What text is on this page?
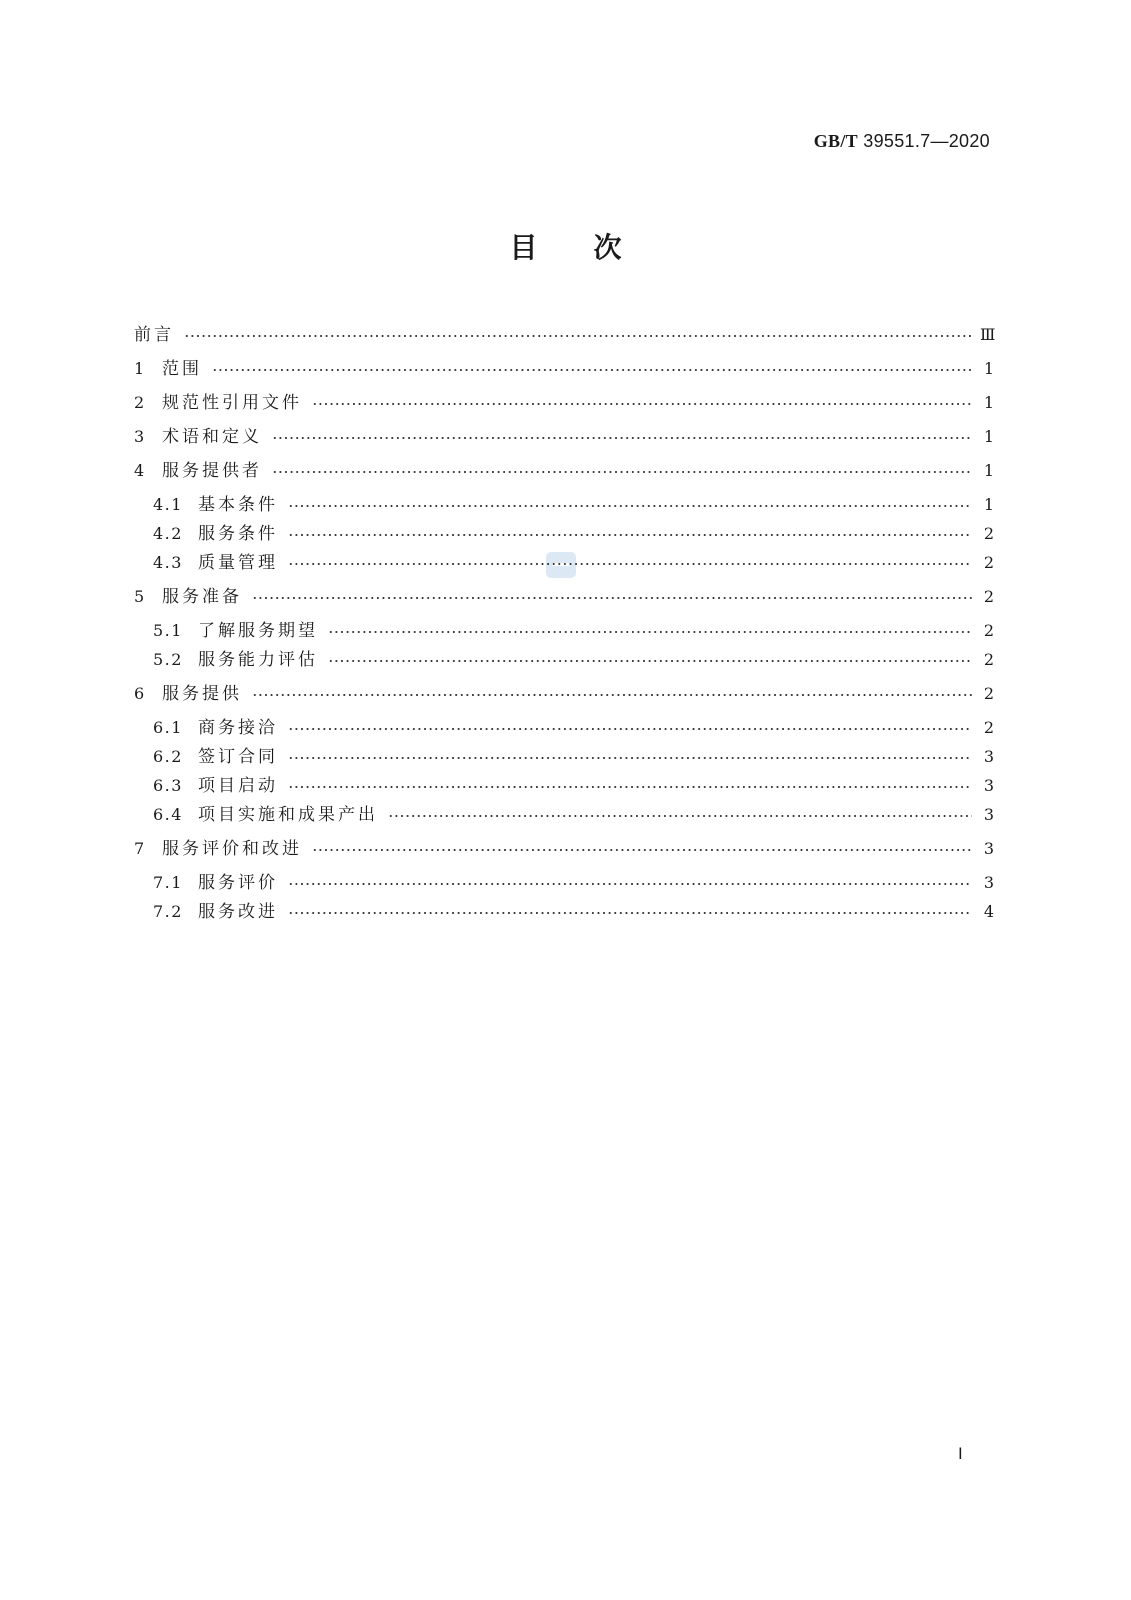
GB/T 39551.7—2020
目次
前言	Ⅲ
1 范围	1
2 规范性引用文件	1
3 术语和定义	1
4 服务提供者	1
4.1 基本条件	1
4.2 服务条件	2
4.3 质量管理	2
5 服务准备	2
5.1 了解服务期望	2
5.2 服务能力评估	2
6 服务提供	2
6.1 商务接洽	2
6.2 签订合同	3
6.3 项目启动	3
6.4 项目实施和成果产出	3
7 服务评价和改进	3
7.1 服务评价	3
7.2 服务改进	4
Ⅰ
